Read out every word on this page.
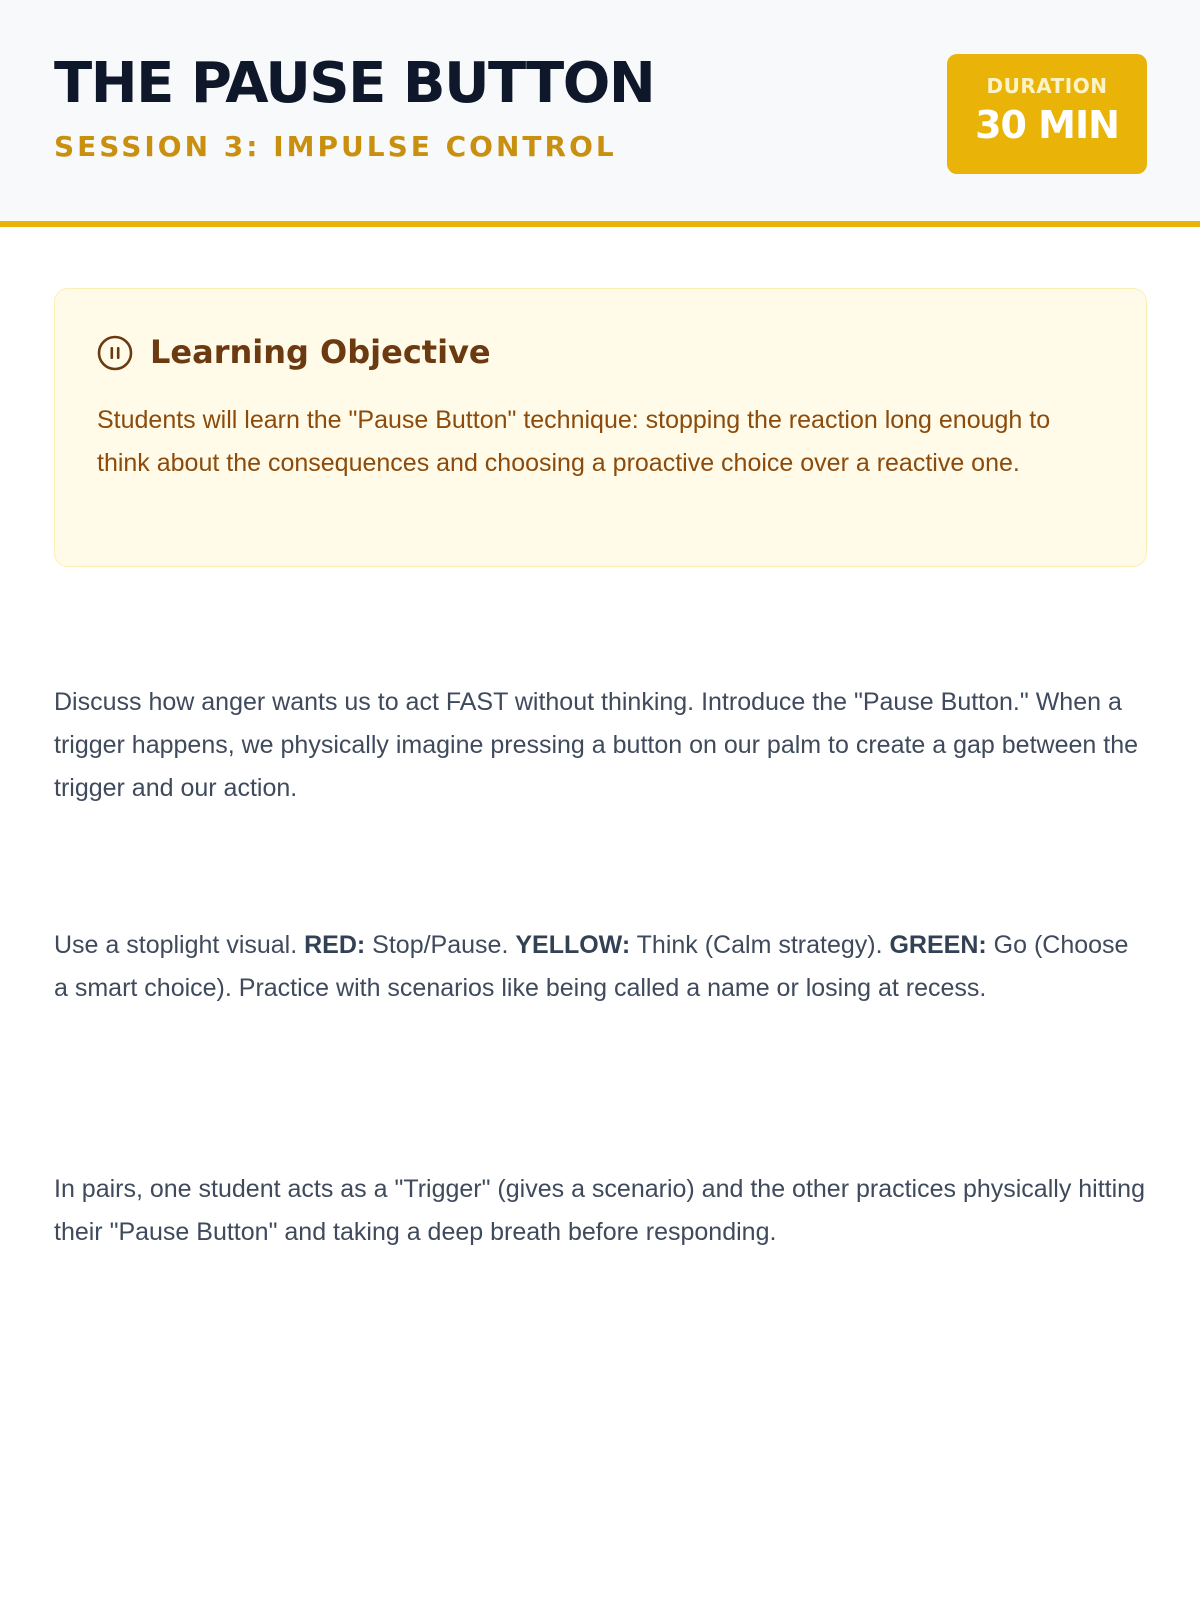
THE PAUSE BUTTON
SESSION 3: IMPULSE CONTROL
DURATION
30 MIN
Learning Objective

Students will learn the "Pause Button" technique: stopping the reaction long enough to think about the consequences and choosing a proactive choice over a reactive one.

Discuss how anger wants us to act FAST without thinking. Introduce the "Pause Button." When a trigger happens, we physically imagine pressing a button on our palm to create a gap between the trigger and our action.

Use a stoplight visual. RED: Stop/Pause. YELLOW: Think (Calm strategy). GREEN: Go (Choose a smart choice). Practice with scenarios like being called a name or losing at recess.

In pairs, one student acts as a "Trigger" (gives a scenario) and the other practices physically hitting their "Pause Button" and taking a deep breath before responding.
